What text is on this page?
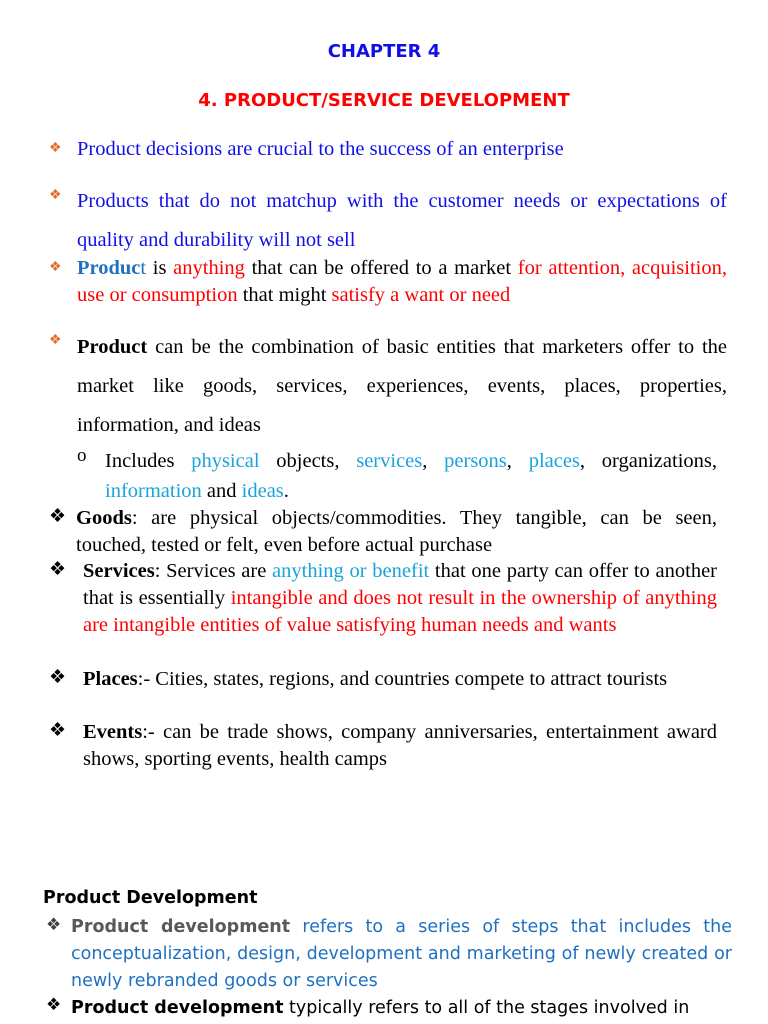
CHAPTER 4
4. PRODUCT/SERVICE DEVELOPMENT
❖ Product decisions are crucial to the success of an enterprise

❖ Products that do not matchup with the customer needs or expectations of quality and durability will not sell

❖ Product is anything that can be offered to a market for attention, acquisition, use or consumption that might satisfy a want or need

❖ Product can be the combination of basic entities that marketers offer to the market like goods, services, experiences, events, places, properties, information, and ideas

o Includes physical objects, services, persons, places, organizations, information and ideas.

❖ Goods: are physical objects/commodities. They tangible, can be seen, touched, tested or felt, even before actual purchase

❖ Services: Services are anything or benefit that one party can offer to another that is essentially intangible and does not result in the ownership of anything are intangible entities of value satisfying human needs and wants

❖ Places:- Cities, states, regions, and countries compete to attract tourists

❖ Events:- can be trade shows, company anniversaries, entertainment award shows, sporting events, health camps

Product Development
❖ Product development refers to a series of steps that includes the conceptualization, design, development and marketing of newly created or newly rebranded goods or services

❖ Product development typically refers to all of the stages involved in
